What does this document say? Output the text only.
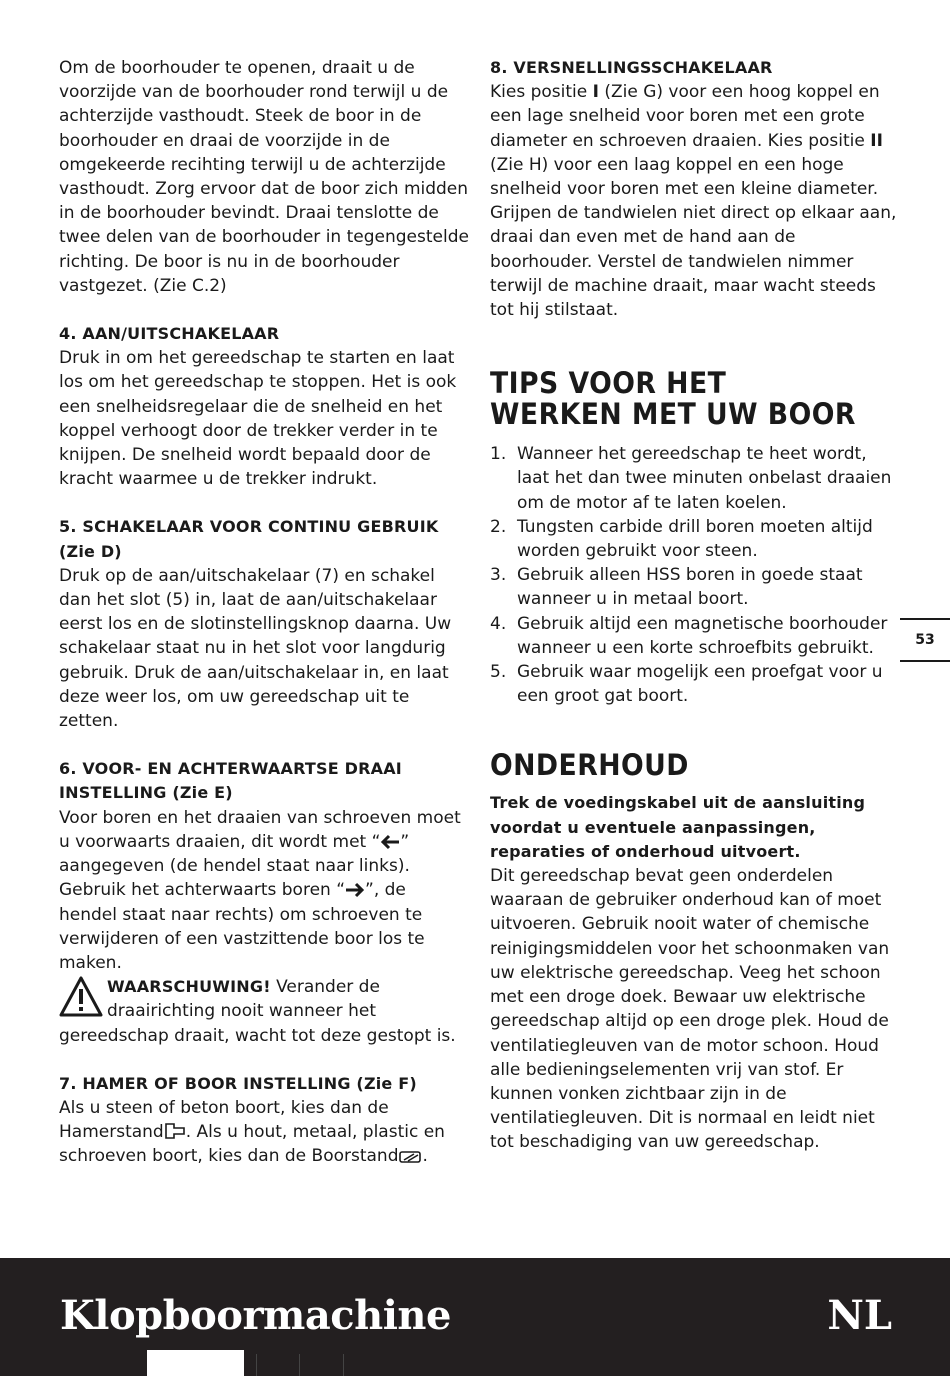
Om de boorhouder te openen, draait u de voorzijde van de boorhouder rond terwijl u de achterzijde vasthoudt. Steek de boor in de boorhouder en draai de voorzijde in de omgekeerde recihting terwijl u de achterzijde vasthoudt. Zorg ervoor dat de boor zich midden in de boorhouder bevindt. Draai tenslotte de twee delen van de boorhouder in tegengestelde richting. De boor is nu in de boorhouder vastgezet. (Zie C.2)

4. AAN/UITSCHAKELAAR

Druk in om het gereedschap te starten en laat los om het gereedschap te stoppen. Het is ook een snelheidsregelaar die de snelheid en het koppel verhoogt door de trekker verder in te knijpen. De snelheid wordt bepaald door de kracht waarmee u de trekker indrukt.

5. SCHAKELAAR VOOR CONTINU GEBRUIK (Zie D)

Druk op de aan/uitschakelaar (7) en schakel dan het slot (5) in, laat de aan/uitschakelaar eerst los en de slotinstellingsknop daarna. Uw schakelaar staat nu in het slot voor langdurig gebruik. Druk de aan/uitschakelaar in, en laat deze weer los, om uw gereedschap uit te zetten.

6. VOOR- EN ACHTERWAARTSE DRAAI INSTELLING (Zie E)

Voor boren en het draaien van schroeven moet u voorwaarts draaien, dit wordt met “ ” aangegeven (de hendel staat naar links). Gebruik het achterwaarts boren “ ”, de hendel staat naar rechts) om schroeven te verwijderen of een vastzittende boor los te maken.

WAARSCHUWING! Verander de draairichting nooit wanneer het gereedschap draait, wacht tot deze gestopt is.

7. HAMER OF BOOR INSTELLING (Zie F)

Als u steen of beton boort, kies dan de Hamerstand . Als u hout, metaal, plastic en schroeven boort, kies dan de Boorstand .

8. VERSNELLINGSSCHAKELAAR

Kies positie I (Zie G) voor een hoog koppel en een lage snelheid voor boren met een grote diameter en schroeven draaien. Kies positie II (Zie H) voor een laag koppel en een hoge snelheid voor boren met een kleine diameter. Grijpen de tandwielen niet direct op elkaar aan, draai dan even met de hand aan de boorhouder. Verstel de tandwielen nimmer terwijl de machine draait, maar wacht steeds tot hij stilstaat.

TIPS VOOR HET WERKEN MET UW BOOR
1. Wanneer het gereedschap te heet wordt, laat het dan twee minuten onbelast draaien om de motor af te laten koelen.
2. Tungsten carbide drill boren moeten altijd worden gebruikt voor steen.
3. Gebruik alleen HSS boren in goede staat wanneer u in metaal boort.
4. Gebruik altijd een magnetische boorhouder wanneer u een korte schroefbits gebruikt.
5. Gebruik waar mogelijk een proefgat voor u een groot gat boort.
ONDERHOUD

Trek de voedingskabel uit de aansluiting voordat u eventuele aanpassingen, reparaties of onderhoud uitvoert.

Dit gereedschap bevat geen onderdelen waaraan de gebruiker onderhoud kan of moet uitvoeren. Gebruik nooit water of chemische reinigingsmiddelen voor het schoonmaken van uw elektrische gereedschap. Veeg het schoon met een droge doek. Bewaar uw elektrische gereedschap altijd op een droge plek. Houd de ventilatiegleuven van de motor schoon. Houd alle bedieningselementen vrij van stof. Er kunnen vonken zichtbaar zijn in de ventilatiegleuven. Dit is normaal en leidt niet tot beschadiging van uw gereedschap.

53
Klopboormachine	NL
